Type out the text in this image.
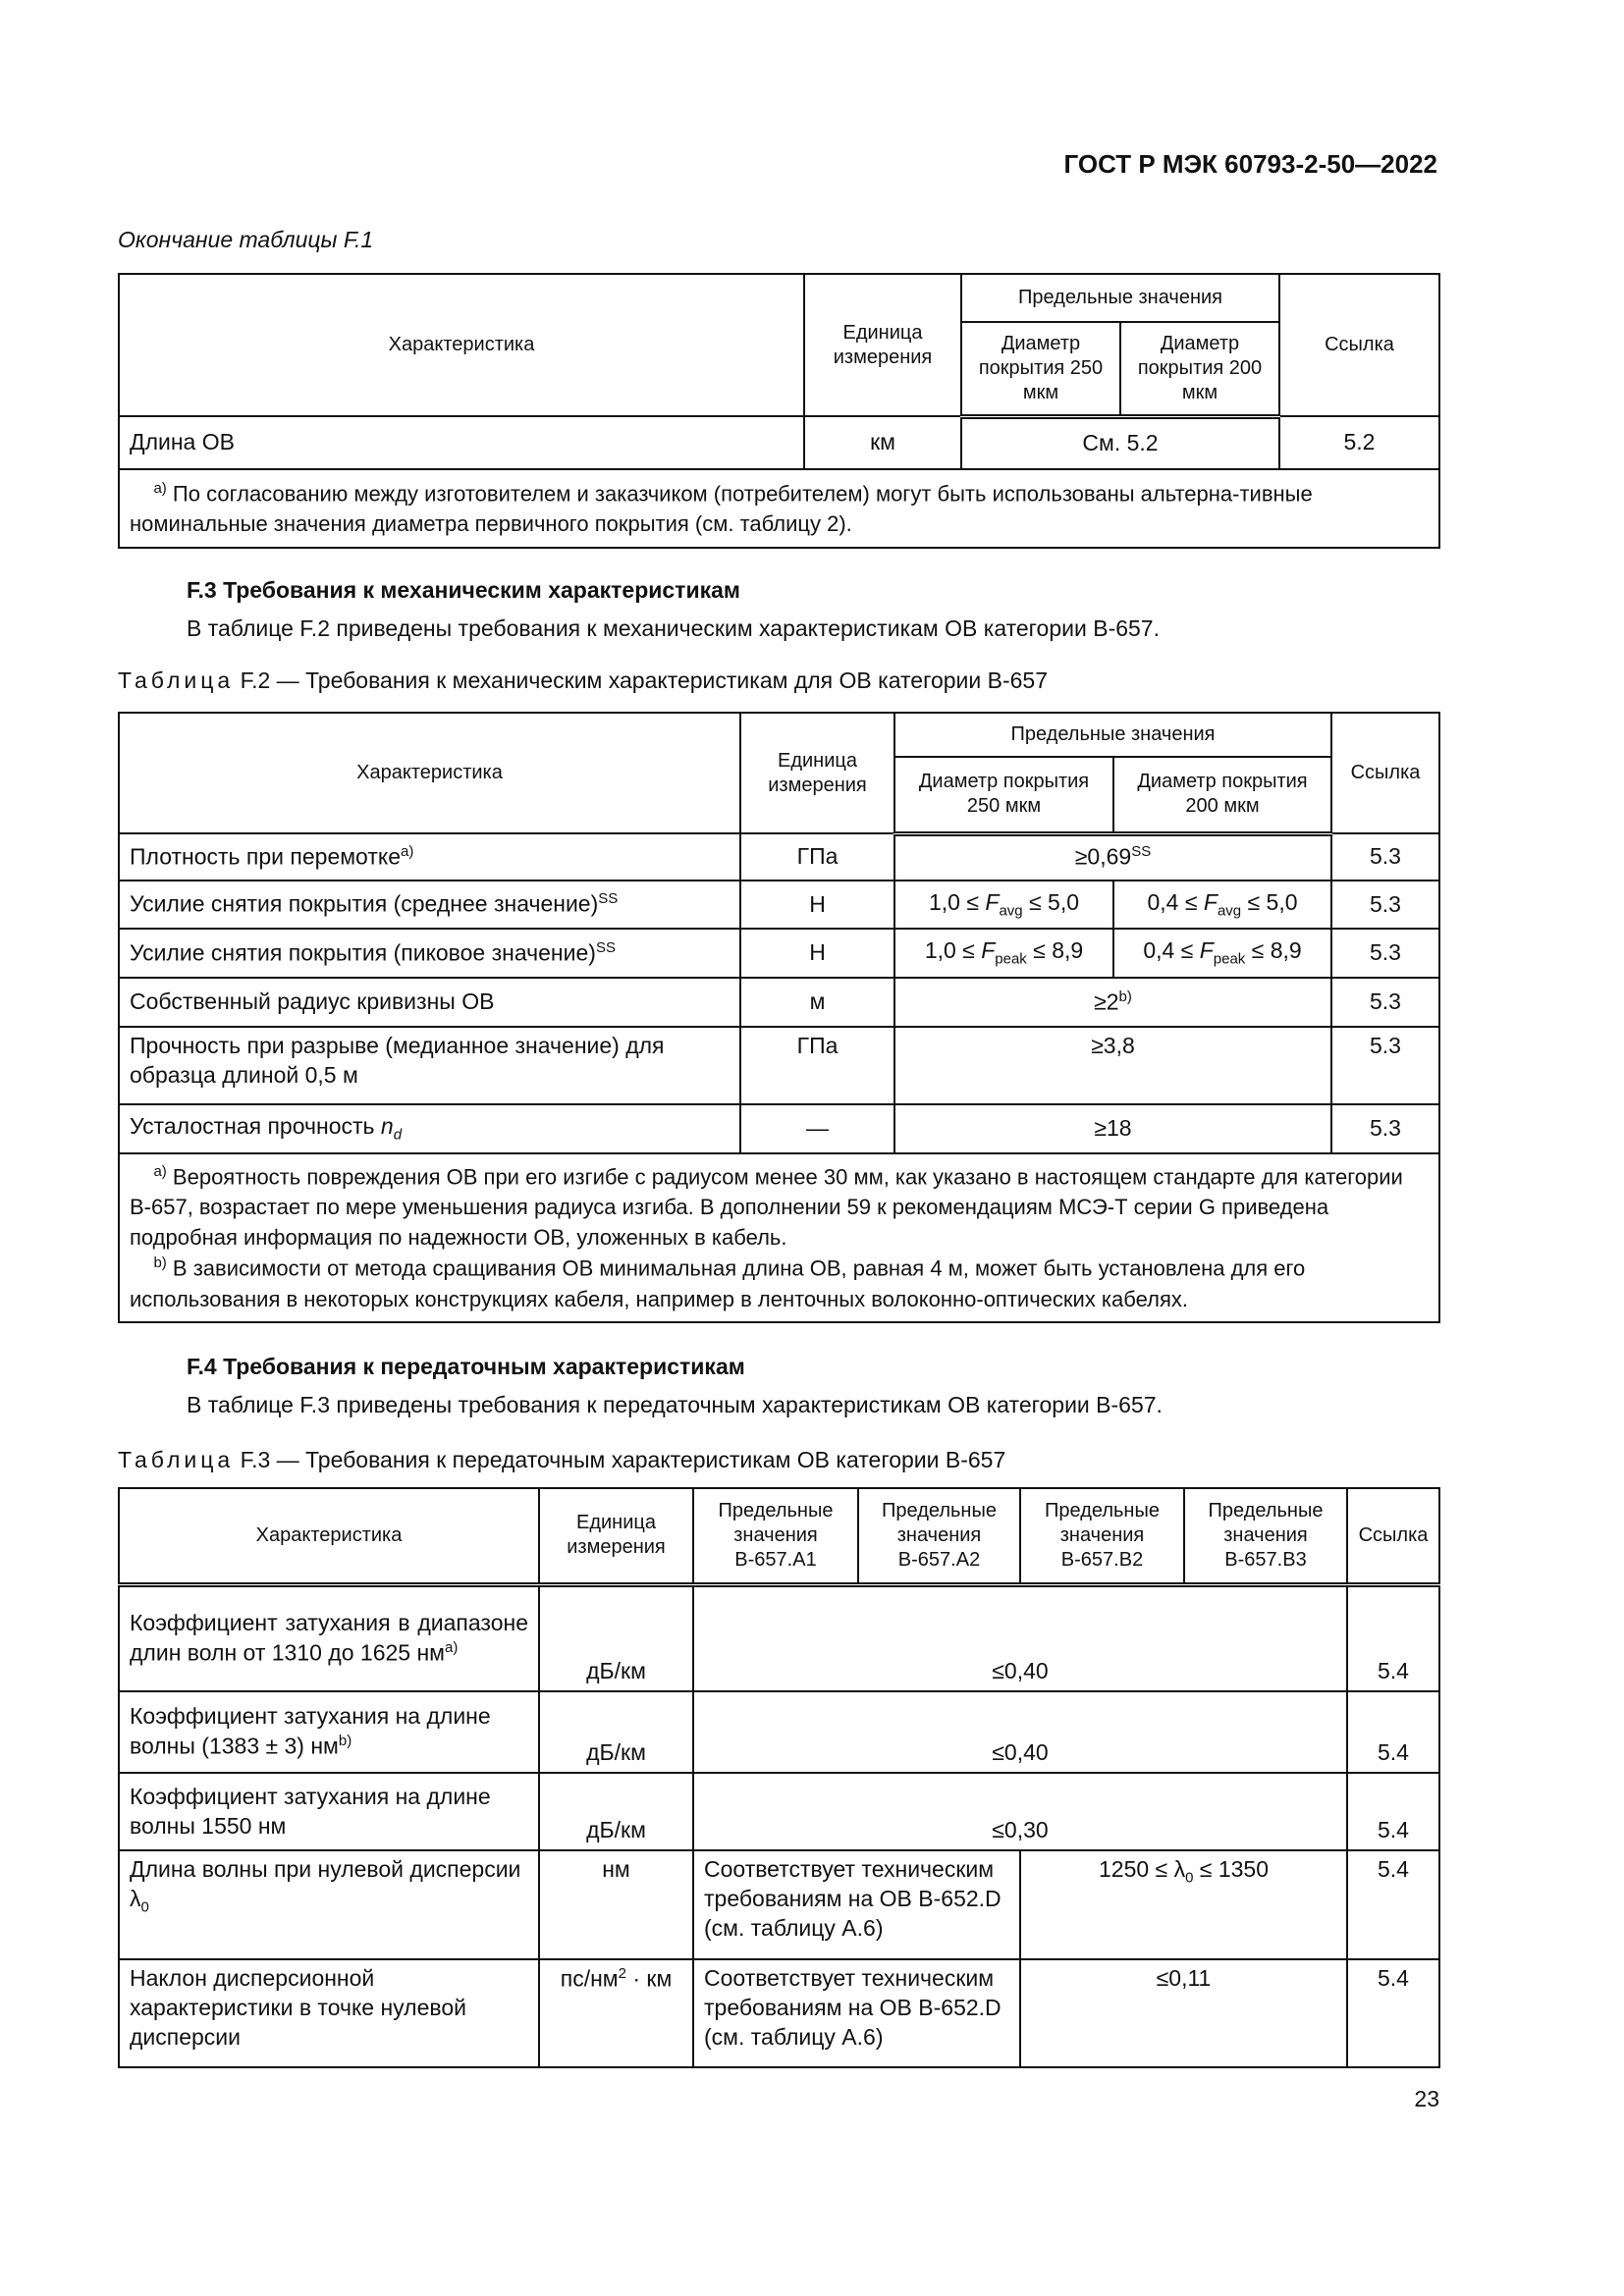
ГОСТ Р МЭК 60793-2-50—2022
Окончание таблицы F.1
Характеристика	Единица измерения	Предельные значения		Ссылка
		Диаметр покрытия 250 мкм	Диаметр покрытия 200 мкм	
Длина ОВ	км	См. 5.2		5.2
$^{а)}$ По согласованию между изготовителем и заказчиком (потребителем) могут быть использованы альтерна-тивные номинальные значения диаметра первичного покрытия (см. таблицу 2).				
F.3 Требования к механическим характеристикам
В таблице F.2 приведены требования к механическим характеристикам ОВ категории В-657.
Таблица F.2 — Требования к механическим характеристикам для ОВ категории В-657
Характеристика	Единица измерения	Предельные значения		Ссылка
		Диаметр покрытия 250 мкм	Диаметр покрытия 200 мкм	
Плотность при перемотке$^{а)}$	ГПа	$\ge 0,69^{SS}$		5.3
Усилие снятия покрытия (среднее значение)$^{SS}$	Н	$1,0 \le F_{avg} \le 5,0$	$0,4 \le F_{avg} \le 5,0$	5.3
Усилие снятия покрытия (пиковое значение)$^{SS}$	Н	$1,0 \le F_{peak} \le 8,9$	$0,4 \le F_{peak} \le 8,9$	5.3
Собственный радиус кривизны ОВ	м	$\ge 2^{b)}$		5.3
Прочность при разрыве (медианное значение) для образца длиной 0,5 м	ГПа	≥3,8		5.3
Усталостная прочность $n_d$	—	≥18		5.3
$^{а)}$ Вероятность повреждения ОВ при его изгибе с радиусом менее 30 мм, как указано в настоящем стандарте для категории В-657, возрастает по мере уменьшения радиуса изгиба. В дополнении 59 к рекомендациям МСЭ-Т серии G приведена подробная информация по надежности ОВ, уложенных в кабель.
$^{b)}$ В зависимости от метода сращивания ОВ минимальная длина ОВ, равная 4 м, может быть установлена для его использования в некоторых конструкциях кабеля, например в ленточных волоконно-оптических кабелях.				
F.4 Требования к передаточным характеристикам
В таблице F.3 приведены требования к передаточным характеристикам ОВ категории В-657.
Таблица F.3 — Требования к передаточным характеристикам ОВ категории В-657
Характеристика	Единица измерения	Предельные значения В-657.А1	Предельные значения В-657.А2	Предельные значения В-657.В2	Предельные значения В-657.В3	Ссылка
Коэффициент затухания в диапазоне длин волн от 1310 до 1625 $нм^{а)}$	дБ/км	≤0,40				5.4
Коэффициент затухания на длине волны (1383 ± 3) $нм^{b)}$	дБ/км	≤0,40				5.4
Коэффициент затухания на длине волны 1550 нм	дБ/км	≤0,30				5.4
Длина волны при нулевой дисперсии $\lambda_0$	нм	Соответствует техническим требованиям на ОВ В-652.D (см. таблицу А.6)		$1250 \le \lambda_0 \le 1350$		5.4
Наклон дисперсионной характеристики в точке нулевой дисперсии	$пс/нм^2$ · км	Соответствует техническим требованиям на ОВ В-652.D (см. таблицу А.6)		≤0,11		5.4
23
